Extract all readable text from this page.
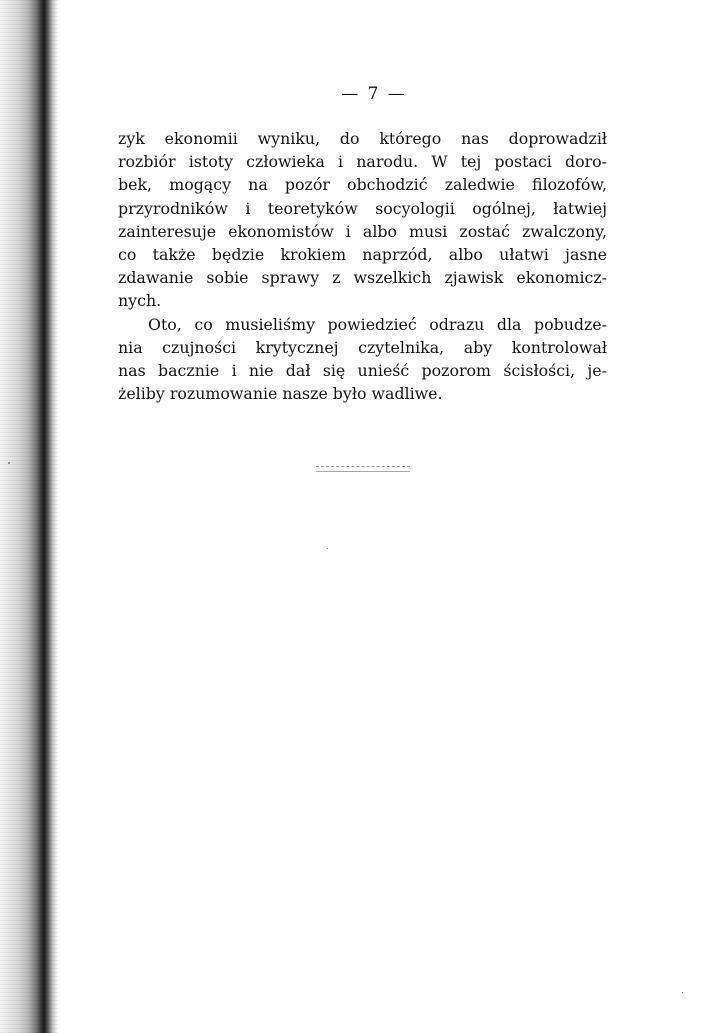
— 7 —
zyk ekonomii wyniku, do którego nas doprowadził
rozbiór istoty człowieka i narodu. W tej postaci doro‐
bek, mogący na pozór obchodzić zaledwie filozofów,
przyrodników i teoretyków socyologii ogólnej, łatwiej
zainteresuje ekonomistów i albo musi zostać zwalczony,
co także będzie krokiem naprzód, albo ułatwi jasne
zdawanie sobie sprawy z wszelkich zjawisk ekonomicz‐
nych.
Oto, co musieliśmy powiedzieć odrazu dla pobudze‐
nia czujności krytycznej czytelnika, aby kontrolował
nas bacznie i nie dał się unieść pozorom ścisłości, je‐
żeliby rozumowanie nasze było wadliwe.
